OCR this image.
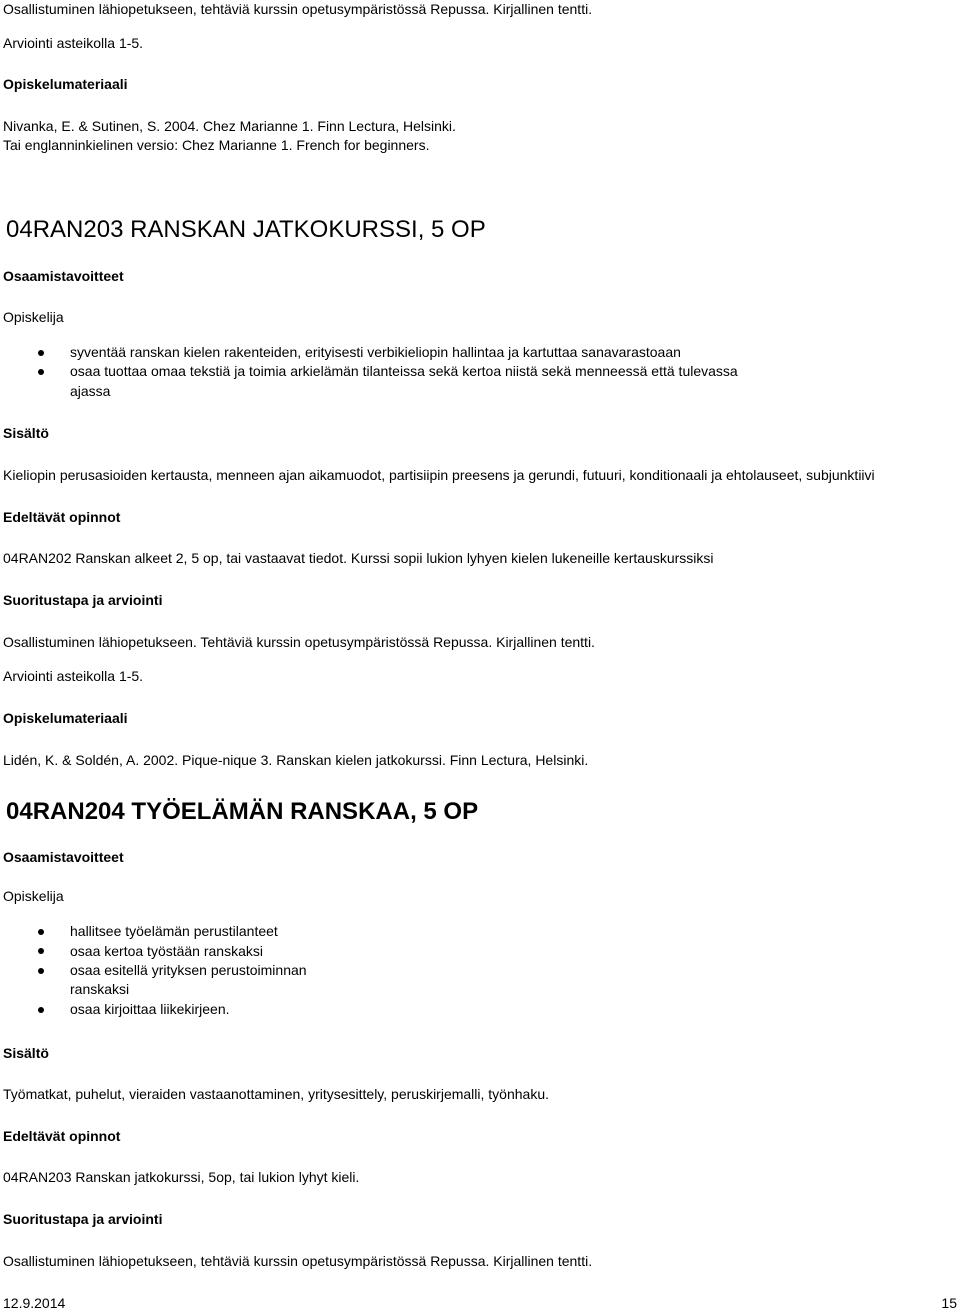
Osallistuminen lähiopetukseen, tehtäviä kurssin opetusympäristössä Repussa. Kirjallinen tentti.
Arviointi asteikolla 1-5.
Opiskelumateriaali
Nivanka, E. & Sutinen, S. 2004. Chez Marianne 1. Finn Lectura, Helsinki.
Tai englanninkielinen versio: Chez Marianne 1. French for beginners.
04RAN203 RANSKAN JATKOKURSSI, 5 OP
Osaamistavoitteet
Opiskelija
syventää ranskan kielen rakenteiden, erityisesti verbikieliopin hallintaa ja kartuttaa sanavarastoaan
osaa tuottaa omaa tekstiä ja toimia arkielämän tilanteissa sekä kertoa niistä sekä menneessä että tulevassa
ajassa
Sisältö
Kieliopin perusasioiden kertausta, menneen ajan aikamuodot, partisiipin preesens ja gerundi, futuuri, konditionaali ja ehtolauseet, subjunktiivi
Edeltävät opinnot
04RAN202 Ranskan alkeet 2, 5 op, tai vastaavat tiedot. Kurssi sopii lukion lyhyen kielen lukeneille kertauskurssiksi
Suoritustapa ja arviointi
Osallistuminen lähiopetukseen. Tehtäviä kurssin opetusympäristössä Repussa. Kirjallinen tentti.
Arviointi asteikolla 1-5.
Opiskelumateriaali
Lidén, K. & Soldén, A. 2002. Pique-nique 3. Ranskan kielen jatkokurssi. Finn Lectura, Helsinki.
04RAN204 TYÖELÄMÄN RANSKAA, 5 OP
Osaamistavoitteet
Opiskelija
hallitsee työelämän perustilanteet
osaa kertoa työstään ranskaksi
osaa esitellä yrityksen perustoiminnan
ranskaksi
osaa kirjoittaa liikekirjeen.
Sisältö
Työmatkat, puhelut, vieraiden vastaanottaminen, yritysesittely, peruskirjemalli, työnhaku.
Edeltävät opinnot
04RAN203 Ranskan jatkokurssi, 5op, tai lukion lyhyt kieli.
Suoritustapa ja arviointi
Osallistuminen lähiopetukseen, tehtäviä kurssin opetusympäristössä Repussa. Kirjallinen tentti.
12.9.2014	15
